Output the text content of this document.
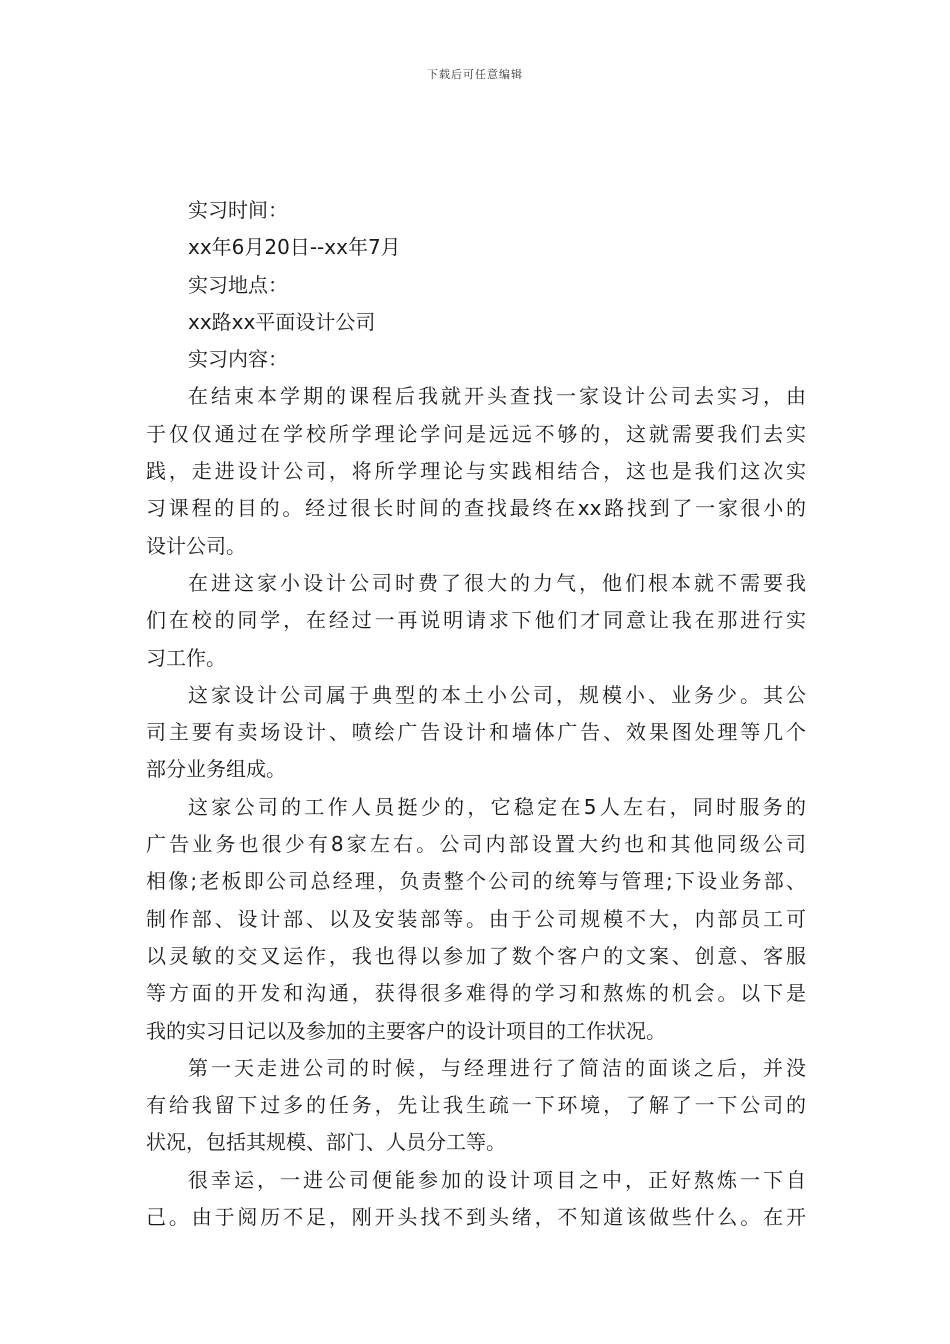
下载后可任意编辑

实习时间：

xx年6月20日--xx年7月

实习地点：

xx路xx平面设计公司

实习内容：

在结束本学期的课程后我就开头查找一家设计公司去实习，由

于仅仅通过在学校所学理论学问是远远不够的，这就需要我们去实

践，走进设计公司，将所学理论与实践相结合，这也是我们这次实

习课程的目的。经过很长时间的查找最终在xx路找到了一家很小的

设计公司。

在进这家小设计公司时费了很大的力气，他们根本就不需要我

们在校的同学，在经过一再说明请求下他们才同意让我在那进行实

习工作。

这家设计公司属于典型的本土小公司，规模小、业务少。其公

司主要有卖场设计、喷绘广告设计和墙体广告、效果图处理等几个

部分业务组成。

这家公司的工作人员挺少的，它稳定在5人左右，同时服务的

广告业务也很少有8家左右。公司内部设置大约也和其他同级公司

相像;老板即公司总经理，负责整个公司的统筹与管理;下设业务部、

制作部、设计部、以及安装部等。由于公司规模不大，内部员工可

以灵敏的交叉运作，我也得以参加了数个客户的文案、创意、客服

等方面的开发和沟通，获得很多难得的学习和熬炼的机会。以下是

我的实习日记以及参加的主要客户的设计项目的工作状况。

第一天走进公司的时候，与经理进行了简洁的面谈之后，并没

有给我留下过多的任务，先让我生疏一下环境，了解了一下公司的

状况，包括其规模、部门、人员分工等。

很幸运，一进公司便能参加的设计项目之中，正好熬炼一下自

己。由于阅历不足，刚开头找不到头绪，不知道该做些什么。在开
